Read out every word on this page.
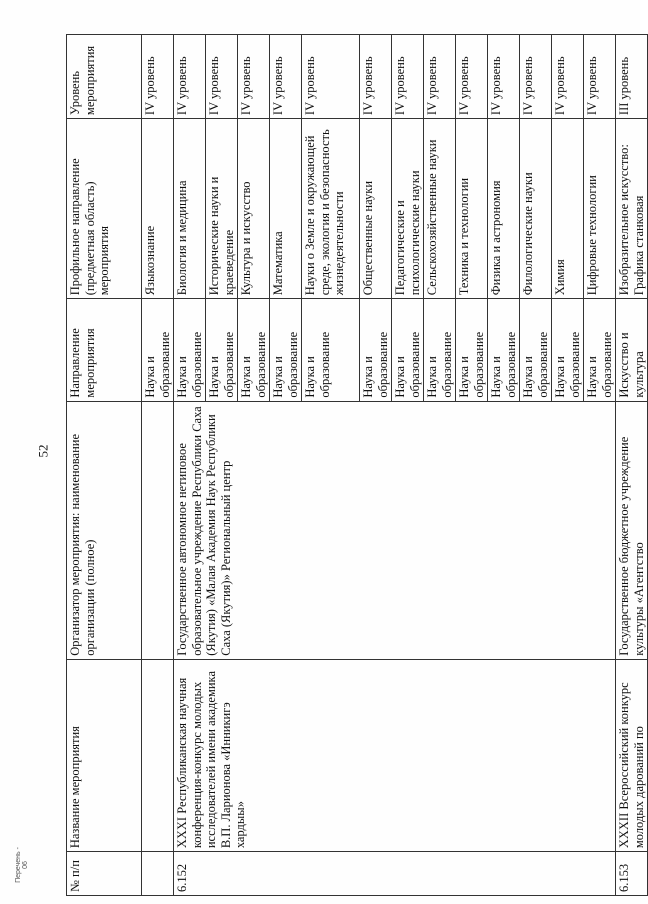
52
№ п/п	Название мероприятия	Организатор мероприятия: наименование организации (полное)	Направление мероприятия	Профильное направление (предметная область) мероприятия	Уровень мероприятия
			Наука и образование	Языкознание	IV уровень
6.152	XXXI Республиканская научная конференция-конкурс молодых исследователей имени академика В.П. Ларионова «Инникигэ хардыы»	Государственное автономное нетиповое образовательное учреждение Республики Саха (Якутия) «Малая Академия Наук Республики Саха (Якутия)» Региональный центр	Наука и образование	Биология и медицина	IV уровень
			Наука и образование	Исторические науки и краеведение	IV уровень
			Наука и образование	Культура и искусство	IV уровень
			Наука и образование	Математика	IV уровень
			Наука и образование	Науки о Земле и окружающей среде, экология и безопасность жизнедеятельности	IV уровень
			Наука и образование	Общественные науки	IV уровень
			Наука и образование	Педагогические и психологические науки	IV уровень
			Наука и образование	Сельскохозяйственные науки	IV уровень
			Наука и образование	Техника и технологии	IV уровень
			Наука и образование	Физика и астрономия	IV уровень
			Наука и образование	Филологические науки	IV уровень
			Наука и образование	Химия	IV уровень
			Наука и образование	Цифровые технологии	IV уровень
6.153	XXXII Всероссийский конкурс молодых дарований по	Государственное бюджетное учреждение культуры «Агентство	Искусство и культура	Изобразительное искусство: Графика станковая	III уровень
Перечень - 06
